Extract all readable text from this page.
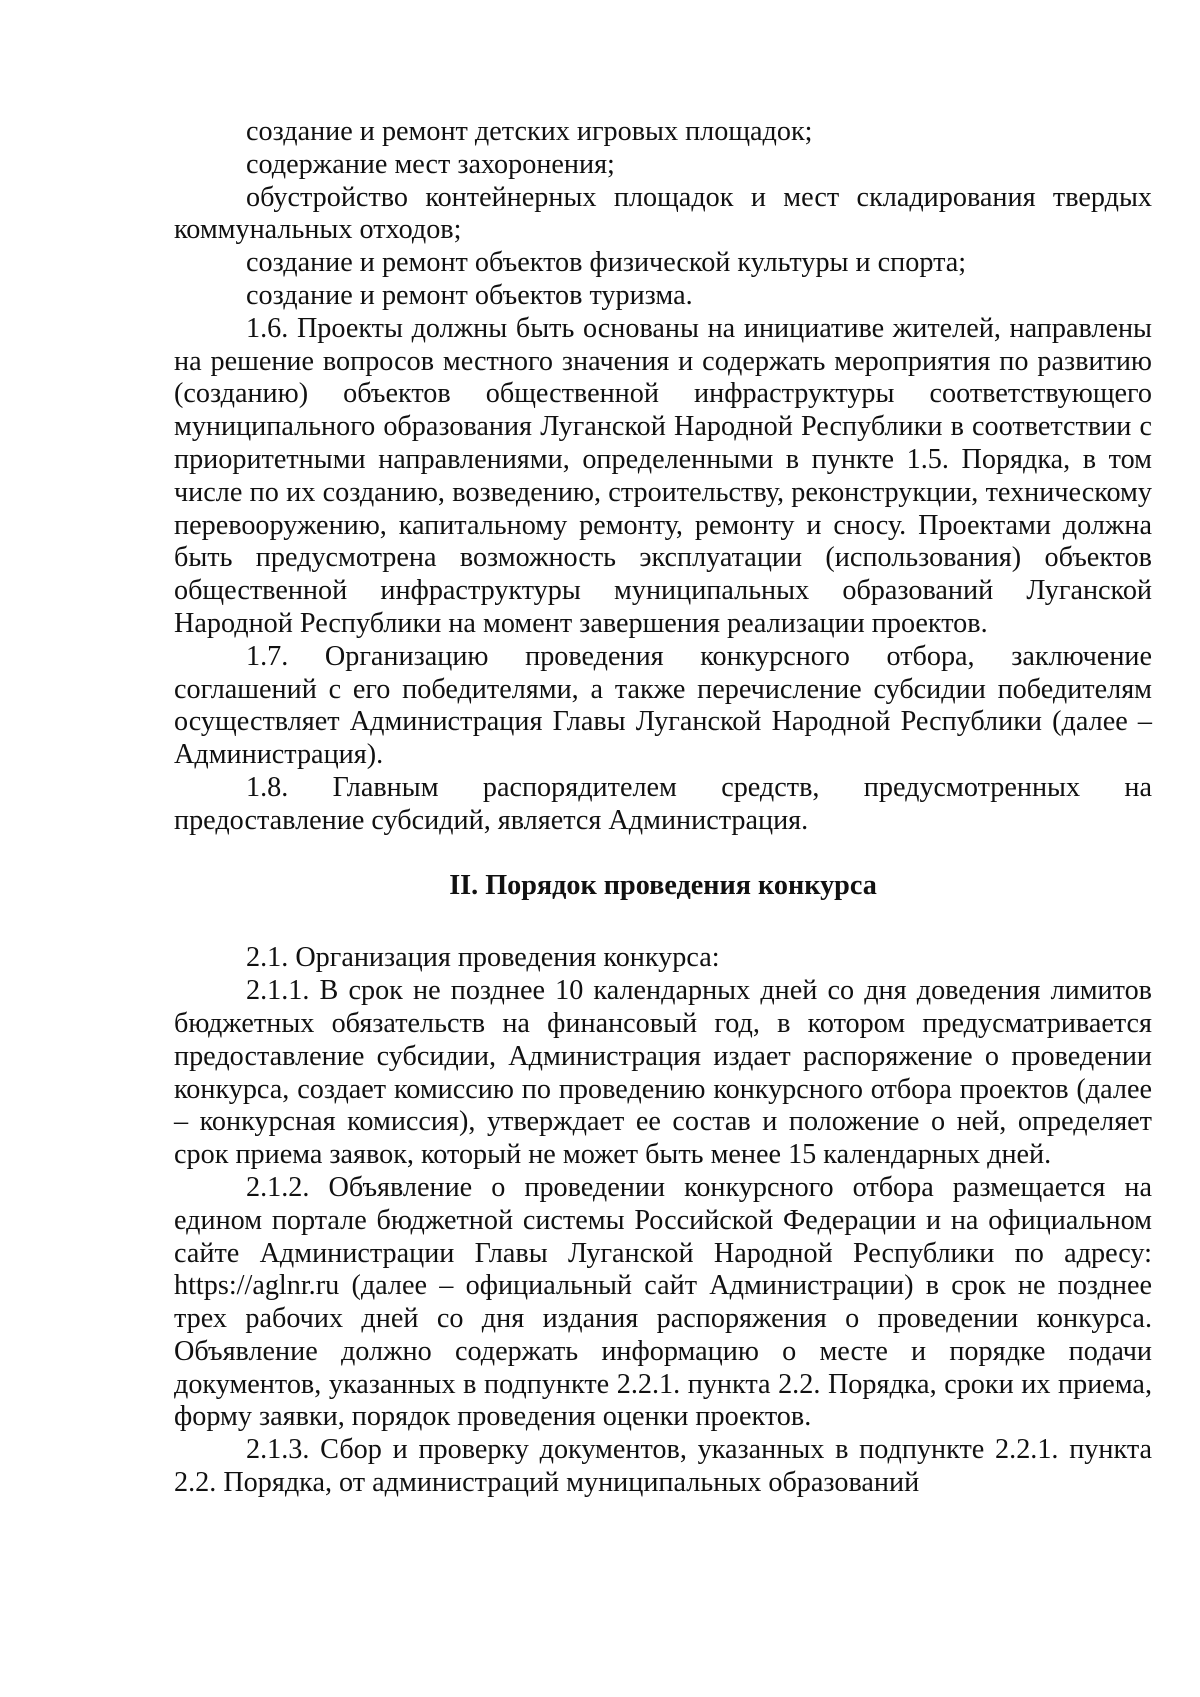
создание и ремонт детских игровых площадок;

содержание мест захоронения;

обустройство контейнерных площадок и мест складирования твердых коммунальных отходов;

создание и ремонт объектов физической культуры и спорта;

создание и ремонт объектов туризма.

1.6. Проекты должны быть основаны на инициативе жителей, направлены на решение вопросов местного значения и содержать мероприятия по развитию (созданию) объектов общественной инфраструктуры соответствующего муниципального образования Луганской Народной Республики в соответствии с приоритетными направлениями, определенными в пункте 1.5. Порядка, в том числе по их созданию, возведению, строительству, реконструкции, техническому перевооружению, капитальному ремонту, ремонту и сносу. Проектами должна быть предусмотрена возможность эксплуатации (использования) объектов общественной инфраструктуры муниципальных образований Луганской Народной Республики на момент завершения реализации проектов.

1.7. Организацию проведения конкурсного отбора, заключение соглашений с его победителями, а также перечисление субсидии победителям осуществляет Администрация Главы Луганской Народной Республики (далее – Администрация).

1.8. Главным распорядителем средств, предусмотренных на предоставление субсидий, является Администрация.

II. Порядок проведения конкурса

2.1. Организация проведения конкурса:

2.1.1. В срок не позднее 10 календарных дней со дня доведения лимитов бюджетных обязательств на финансовый год, в котором предусматривается предоставление субсидии, Администрация издает распоряжение о проведении конкурса, создает комиссию по проведению конкурсного отбора проектов (далее – конкурсная комиссия), утверждает ее состав и положение о ней, определяет срок приема заявок, который не может быть менее 15 календарных дней.

2.1.2. Объявление о проведении конкурсного отбора размещается на едином портале бюджетной системы Российской Федерации и на официальном сайте Администрации Главы Луганской Народной Республики по адресу: https://aglnr.ru (далее – официальный сайт Администрации) в срок не позднее трех рабочих дней со дня издания распоряжения о проведении конкурса. Объявление должно содержать информацию о месте и порядке подачи документов, указанных в подпункте 2.2.1. пункта 2.2. Порядка, сроки их приема, форму заявки, порядок проведения оценки проектов.

2.1.3. Сбор и проверку документов, указанных в подпункте 2.2.1. пункта 2.2. Порядка, от администраций муниципальных образований
